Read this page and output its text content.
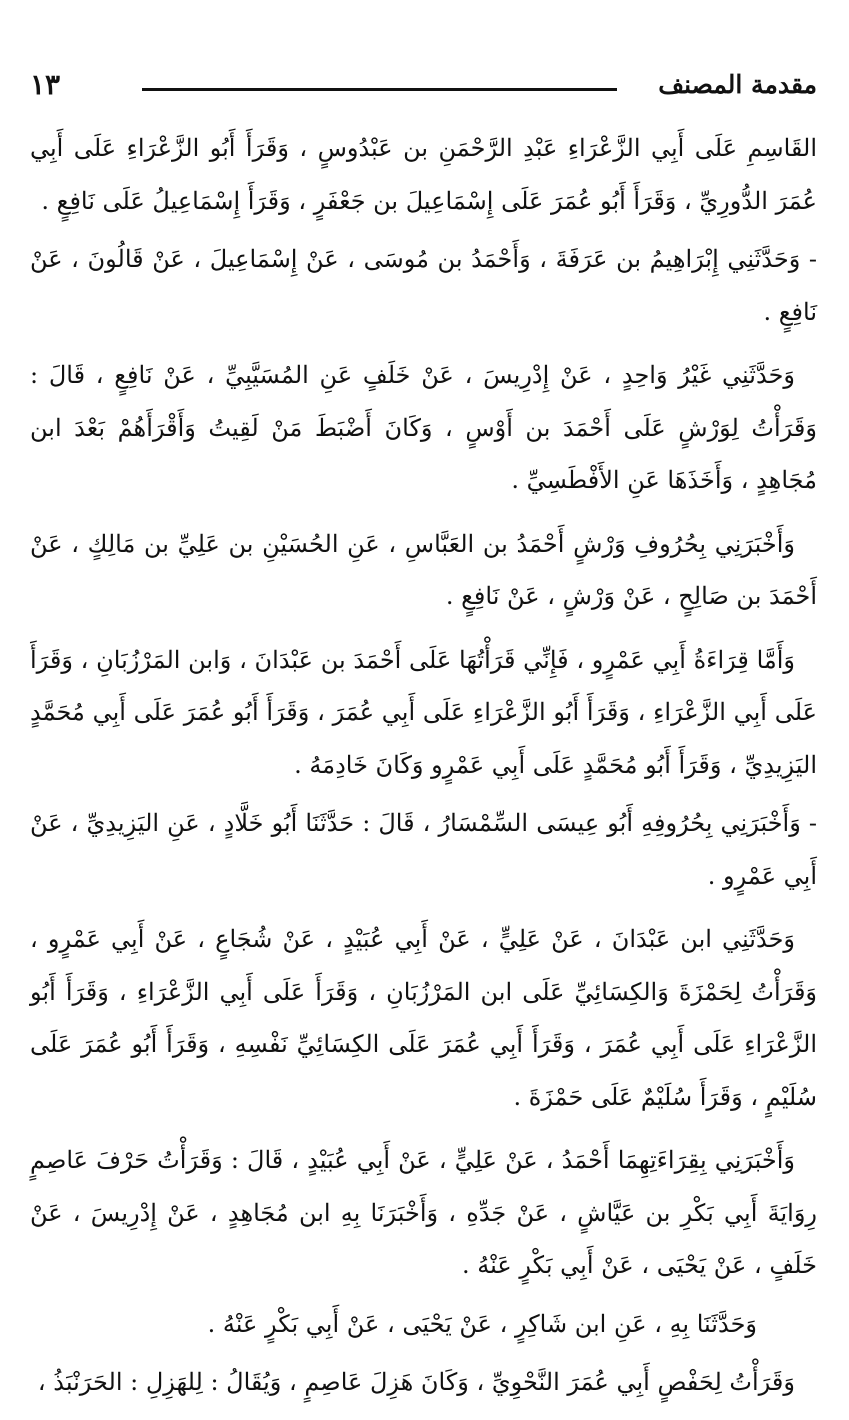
مقدمة المصنف
١٣

القَاسِمِ عَلَى أَبِي الزَّعْرَاءِ عَبْدِ الرَّحْمَنِ بن عَبْدُوسٍ ، وَقَرَأَ أَبُو الزَّعْرَاءِ عَلَى أَبِي عُمَرَ الدُّورِيِّ ، وَقَرَأَ أَبُو عُمَرَ عَلَى إِسْمَاعِيلَ بن جَعْفَرٍ ، وَقَرَأَ إِسْمَاعِيلُ عَلَى نَافِعٍ .

- وَحَدَّثَنِي إِبْرَاهِيمُ بن عَرَفَةَ ، وَأَحْمَدُ بن مُوسَى ، عَنْ إِسْمَاعِيلَ ، عَنْ قَالُونَ ، عَنْ نَافِعٍ .

وَحَدَّثَنِي غَيْرُ وَاحِدٍ ، عَنْ إِدْرِيسَ ، عَنْ خَلَفٍ عَنِ المُسَيَّبِيِّ ، عَنْ نَافِعٍ ، قَالَ : وَقَرَأْتُ لِوَرْشٍ عَلَى أَحْمَدَ بن أَوْسٍ ، وَكَانَ أَضْبَطَ مَنْ لَقِيتُ وَأَقْرَأَهُمْ بَعْدَ ابن مُجَاهِدٍ ، وَأَخَذَهَا عَنِ الأَفْطَسِيِّ .

وَأَخْبَرَنِي بِحُرُوفِ وَرْشٍ أَحْمَدُ بن العَبَّاسِ ، عَنِ الحُسَيْنِ بن عَلِيِّ بن مَالِكٍ ، عَنْ أَحْمَدَ بن صَالِحٍ ، عَنْ وَرْشٍ ، عَنْ نَافِعٍ .

وَأَمَّا قِرَاءَةُ أَبِي عَمْرٍو ، فَإِنِّي قَرَأْتُهَا عَلَى أَحْمَدَ بن عَبْدَانَ ، وَابن المَرْزُبَانِ ، وَقَرَأَ عَلَى أَبِي الزَّعْرَاءِ ، وَقَرَأَ أَبُو الزَّعْرَاءِ عَلَى أَبِي عُمَرَ ، وَقَرَأَ أَبُو عُمَرَ عَلَى أَبِي مُحَمَّدٍ اليَزِيدِيِّ ، وَقَرَأَ أَبُو مُحَمَّدٍ عَلَى أَبِي عَمْرٍو وَكَانَ خَادِمَهُ .

- وَأَخْبَرَنِي بِحُرُوفِهِ أَبُو عِيسَى السِّمْسَارُ ، قَالَ : حَدَّثَنَا أَبُو خَلَّادٍ ، عَنِ اليَزِيدِيِّ ، عَنْ أَبِي عَمْرٍو .

وَحَدَّثَنِي ابن عَبْدَانَ ، عَنْ عَلِيٍّ ، عَنْ أَبِي عُبَيْدٍ ، عَنْ شُجَاعٍ ، عَنْ أَبِي عَمْرٍو ، وَقَرَأْتُ لِحَمْزَةَ وَالكِسَائِيِّ عَلَى ابن المَرْزُبَانِ ، وَقَرَأَ عَلَى أَبِي الزَّعْرَاءِ ، وَقَرَأَ أَبُو الزَّعْرَاءِ عَلَى أَبِي عُمَرَ ، وَقَرَأَ أَبِي عُمَرَ عَلَى الكِسَائِيِّ نَفْسِهِ ، وَقَرَأَ أَبُو عُمَرَ عَلَى سُلَيْمٍ ، وَقَرَأَ سُلَيْمٌ عَلَى حَمْزَةَ .

وَأَخْبَرَنِي بِقِرَاءَتِهِمَا أَحْمَدُ ، عَنْ عَلِيٍّ ، عَنْ أَبِي عُبَيْدٍ ، قَالَ : وَقَرَأْتُ حَرْفَ عَاصِمٍ رِوَايَةَ أَبِي بَكْرِ بن عَيَّاشٍ ، عَنْ جَدِّهِ ، وَأَخْبَرَنَا بِهِ ابن مُجَاهِدٍ ، عَنْ إِدْرِيسَ ، عَنْ خَلَفٍ ، عَنْ يَحْيَى ، عَنْ أَبِي بَكْرٍ عَنْهُ .

وَحَدَّثَنَا بِهِ ، عَنِ ابن شَاكِرٍ ، عَنْ يَحْيَى ، عَنْ أَبِي بَكْرٍ عَنْهُ .

وَقَرَأْتُ لِحَفْصٍ أَبِي عُمَرَ النَّحْوِيِّ ، وَكَانَ هَزِلَ عَاصِمٍ ، وَيُقَالُ : لِلهَزِلِ : الحَرَنْبَذُ ،
